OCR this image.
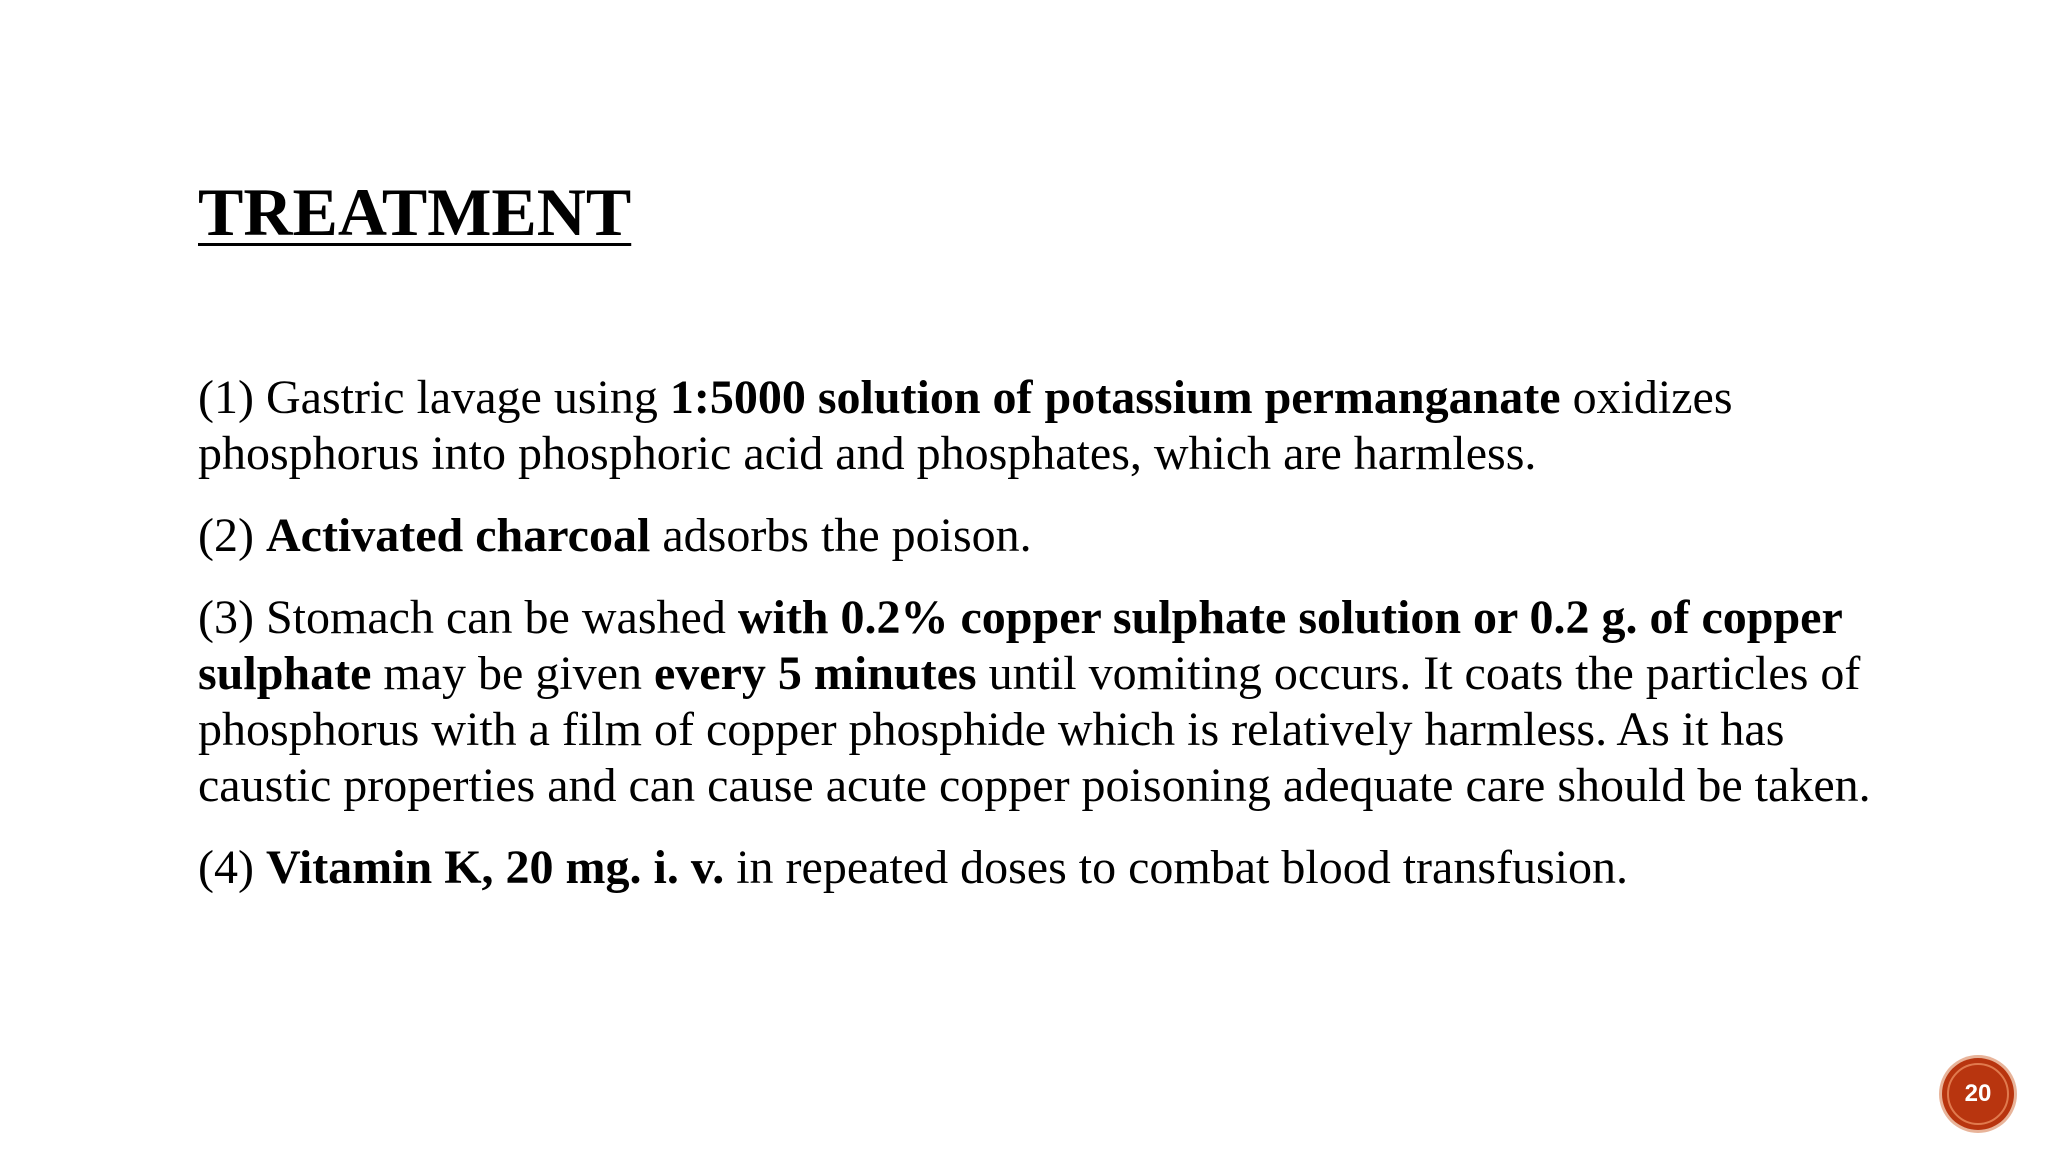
TREATMENT

(1) Gastric lavage using 1:5000 solution of potassium permanganate oxidizes phosphorus into phosphoric acid and phosphates, which are harmless.

(2) Activated charcoal adsorbs the poison.

(3) Stomach can be washed with 0.2% copper sulphate solution or 0.2 g. of copper sulphate may be given every 5 minutes until vomiting occurs. It coats the particles of phosphorus with a film of copper phosphide which is relatively harmless. As it has caustic properties and can cause acute copper poisoning adequate care should be taken.

(4) Vitamin K, 20 mg. i. v. in repeated doses to combat blood transfusion.

20
